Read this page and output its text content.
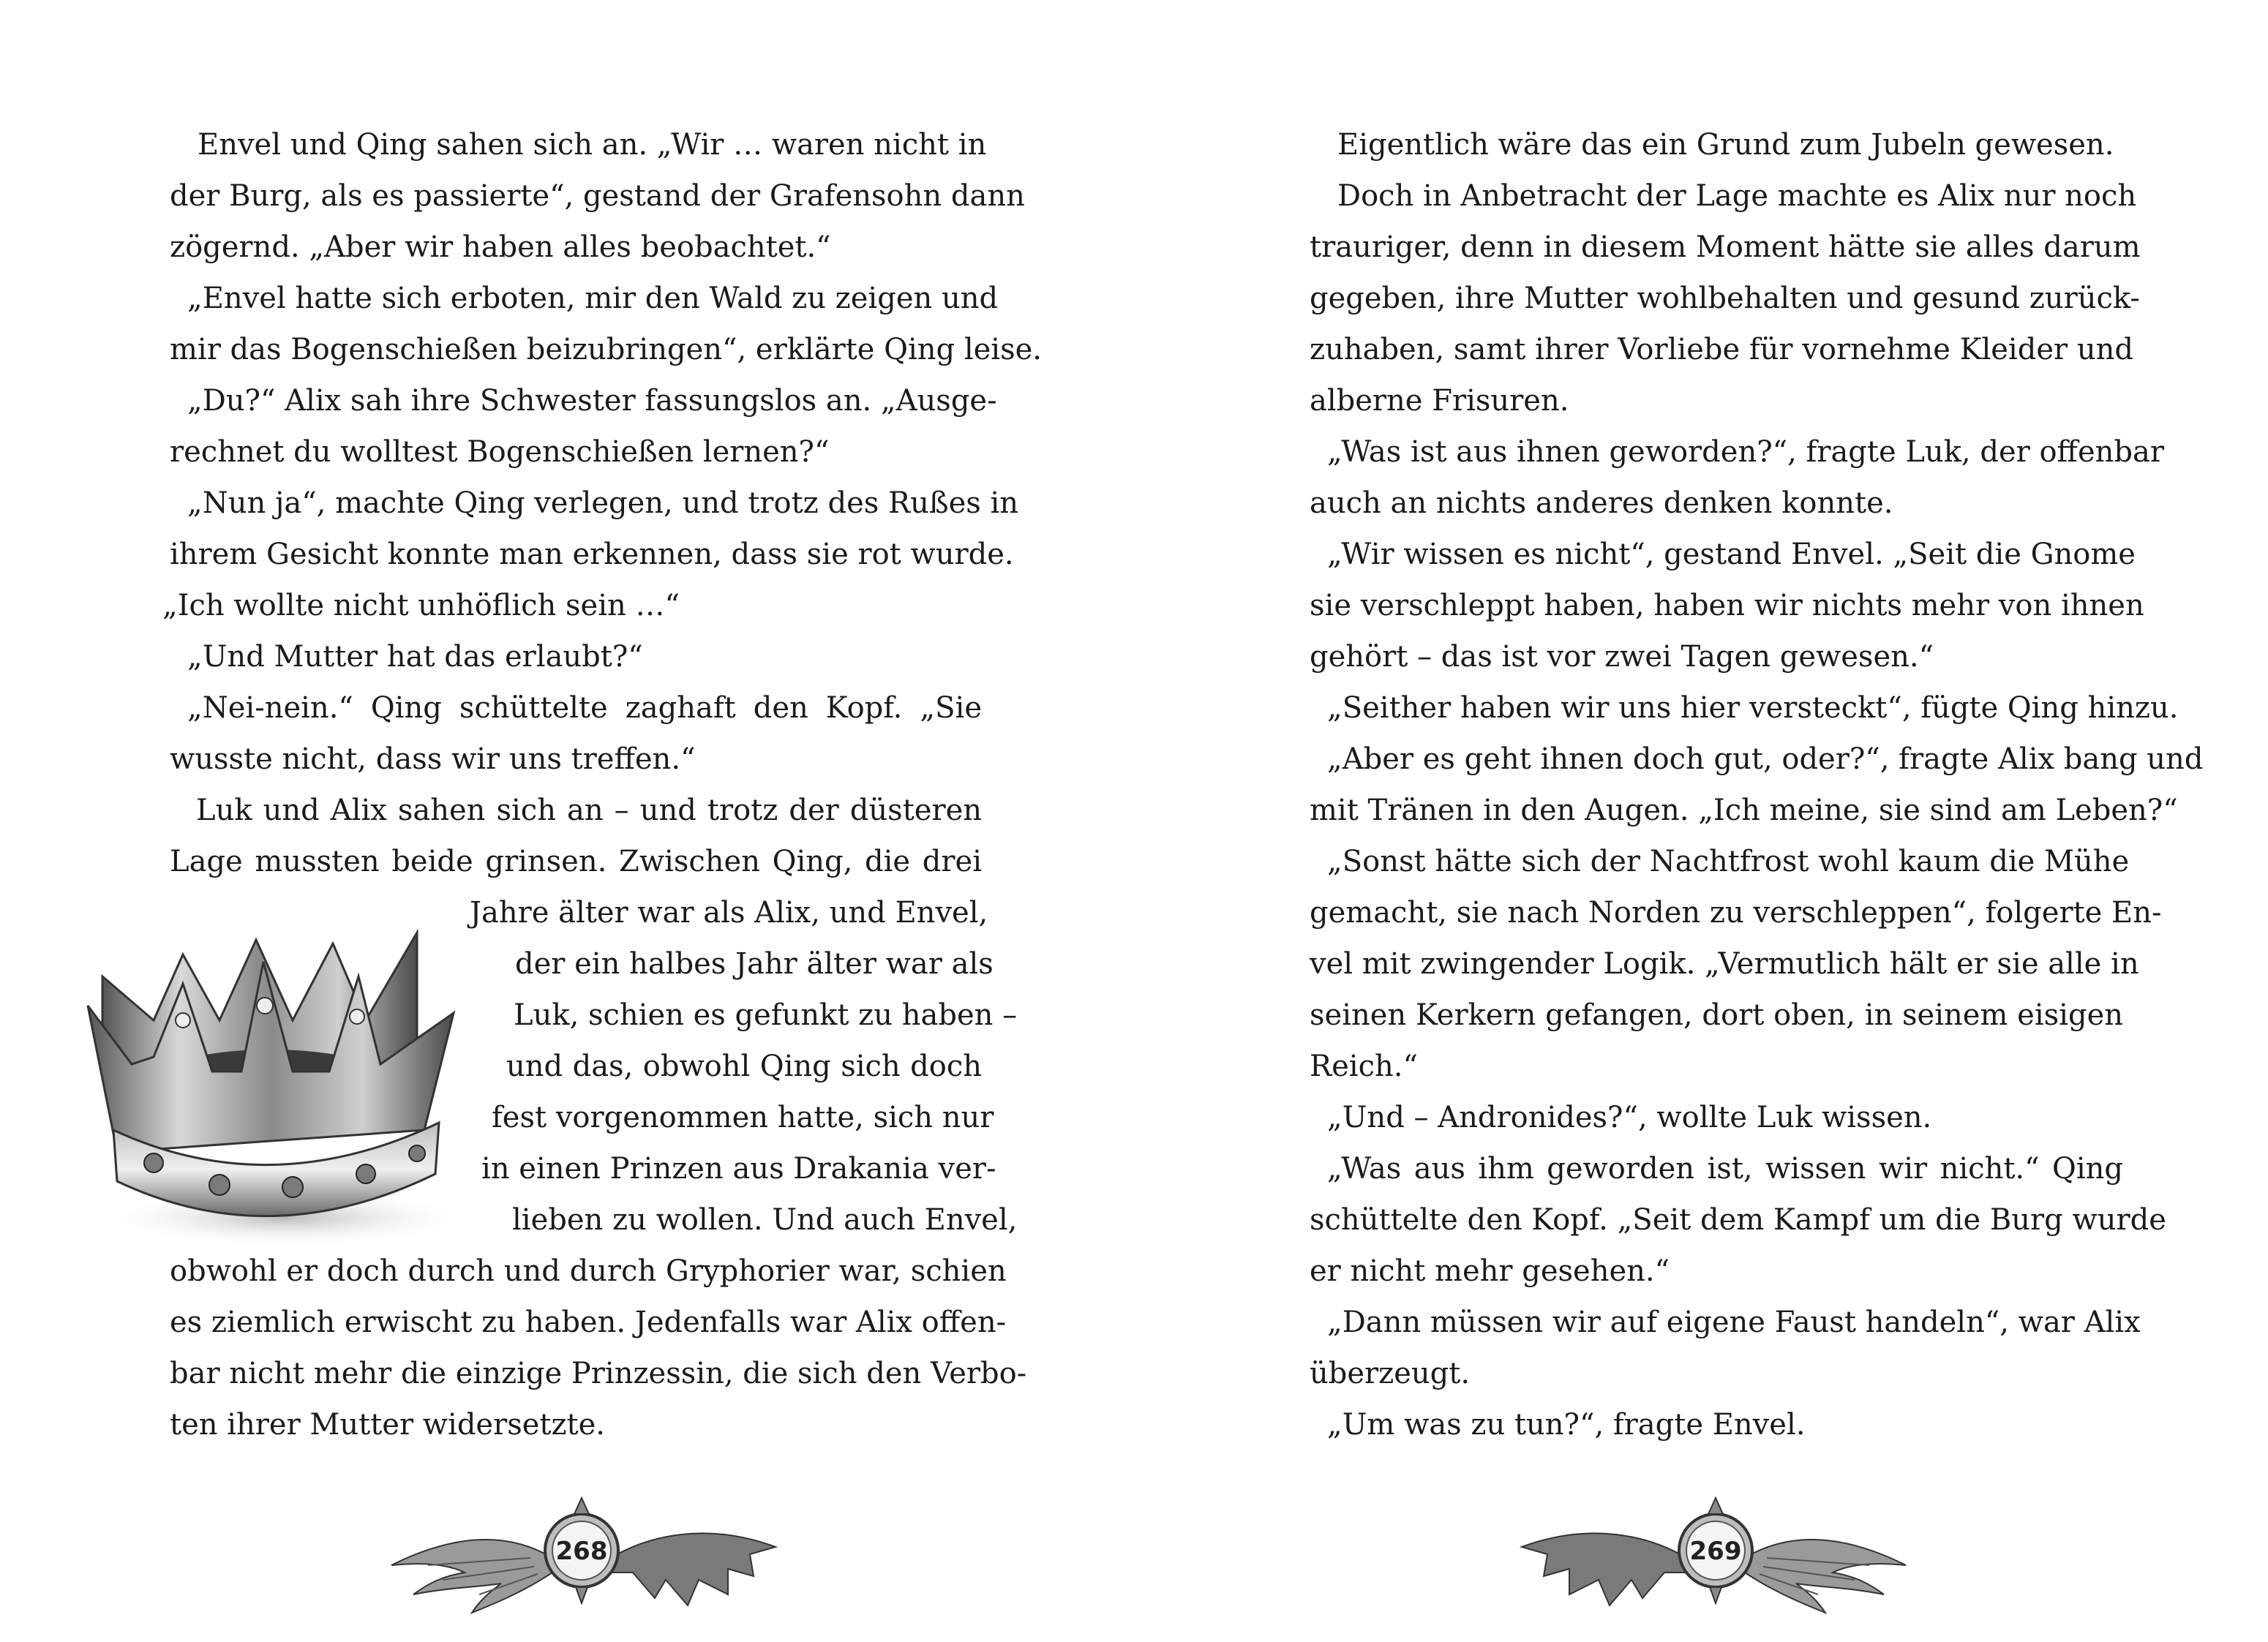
Envel und Qing sahen sich an. „Wir … waren nicht in
der Burg, als es passierte“, gestand der Grafensohn dann
zögernd. „Aber wir haben alles beobachtet.“
„Envel hatte sich erboten, mir den Wald zu zeigen und
mir das Bogenschießen beizubringen“, erklärte Qing leise.
„Du?“ Alix sah ihre Schwester fassungslos an. „Ausge-
rechnet du wolltest Bogenschießen lernen?“
„Nun ja“, machte Qing verlegen, und trotz des Rußes in
ihrem Gesicht konnte man erkennen, dass sie rot wurde.
„Ich wollte nicht unhöflich sein …“
„Und Mutter hat das erlaubt?“
„Nei-nein.“ Qing schüttelte zaghaft den Kopf. „Sie
wusste nicht, dass wir uns treffen.“
Luk und Alix sahen sich an – und trotz der düsteren
Lage mussten beide grinsen. Zwischen Qing, die drei
Jahre älter war als Alix, und Envel,
der ein halbes Jahr älter war als
Luk, schien es gefunkt zu haben –
und das, obwohl Qing sich doch
fest vorgenommen hatte, sich nur
in einen Prinzen aus Drakania ver-
lieben zu wollen. Und auch Envel,
obwohl er doch durch und durch Gryphorier war, schien
es ziemlich erwischt zu haben. Jedenfalls war Alix offen-
bar nicht mehr die einzige Prinzessin, die sich den Verbo-
ten ihrer Mutter widersetzte.
268
Eigentlich wäre das ein Grund zum Jubeln gewesen.
Doch in Anbetracht der Lage machte es Alix nur noch
trauriger, denn in diesem Moment hätte sie alles darum
gegeben, ihre Mutter wohlbehalten und gesund zurück-
zuhaben, samt ihrer Vorliebe für vornehme Kleider und
alberne Frisuren.
„Was ist aus ihnen geworden?“, fragte Luk, der offenbar
auch an nichts anderes denken konnte.
„Wir wissen es nicht“, gestand Envel. „Seit die Gnome
sie verschleppt haben, haben wir nichts mehr von ihnen
gehört – das ist vor zwei Tagen gewesen.“
„Seither haben wir uns hier versteckt“, fügte Qing hinzu.
„Aber es geht ihnen doch gut, oder?“, fragte Alix bang und
mit Tränen in den Augen. „Ich meine, sie sind am Leben?“
„Sonst hätte sich der Nachtfrost wohl kaum die Mühe
gemacht, sie nach Norden zu verschleppen“, folgerte En-
vel mit zwingender Logik. „Vermutlich hält er sie alle in
seinen Kerkern gefangen, dort oben, in seinem eisigen
Reich.“
„Und – Andronides?“, wollte Luk wissen.
„Was aus ihm geworden ist, wissen wir nicht.“ Qing
schüttelte den Kopf. „Seit dem Kampf um die Burg wurde
er nicht mehr gesehen.“
„Dann müssen wir auf eigene Faust handeln“, war Alix
überzeugt.
„Um was zu tun?“, fragte Envel.
269
